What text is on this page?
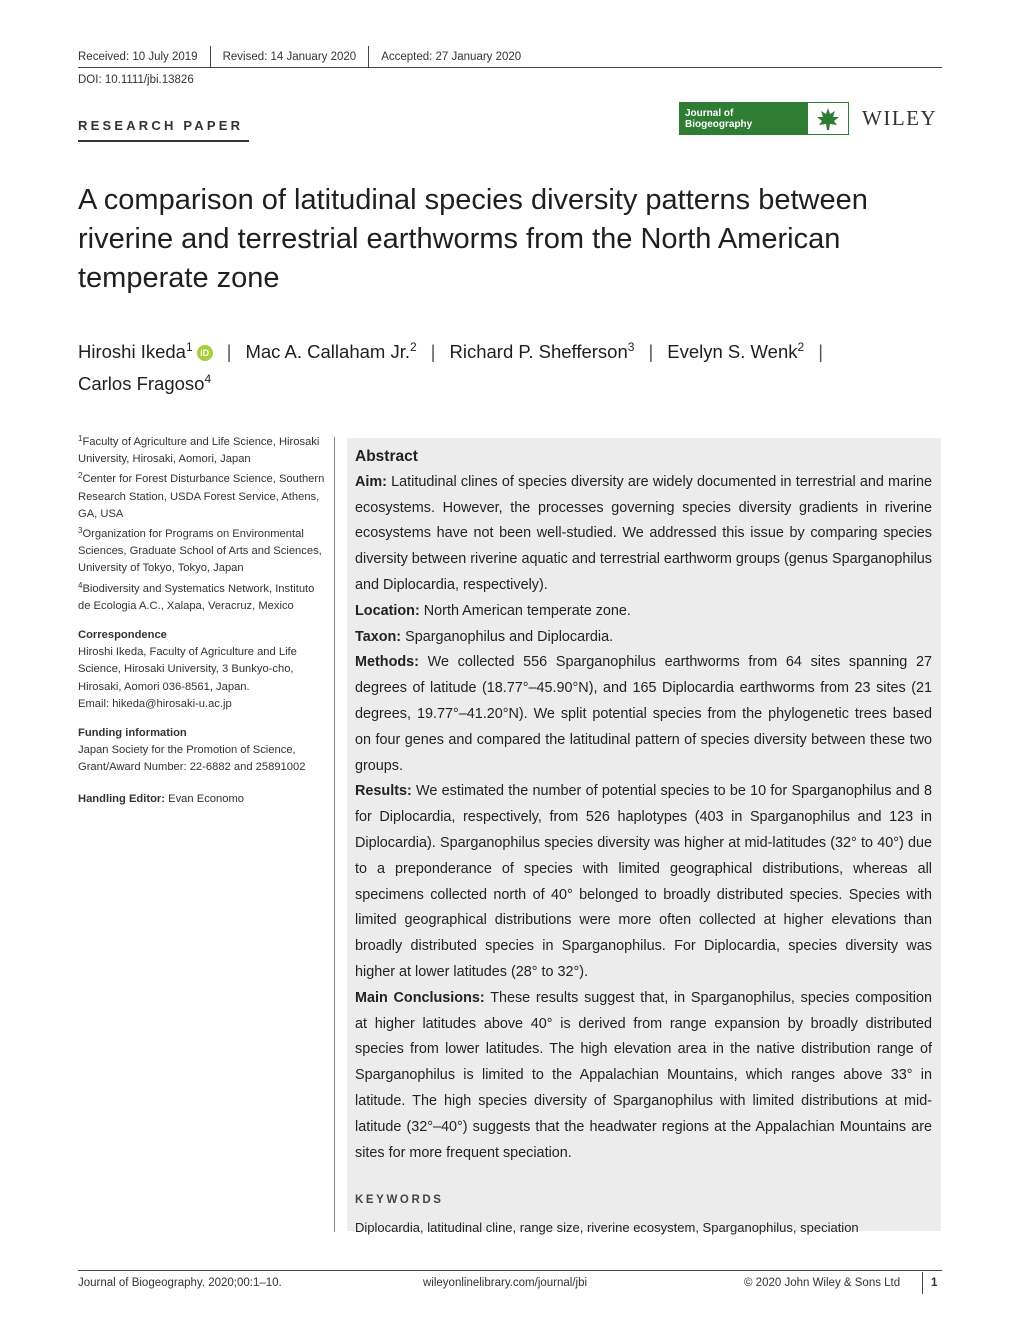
Received: 10 July 2019	Revised: 14 January 2020	Accepted: 27 January 2020
DOI: 10.1111/jbi.13826
RESEARCH PAPER
Journal of
Biogeography	WILEY
A comparison of latitudinal species diversity patterns between riverine and terrestrial earthworms from the North American temperate zone
Hiroshi Ikeda$^1$ iD | Mac A. Callaham Jr.$^2$ | Richard P. Shefferson$^3$ | Evelyn S. Wenk$^2$ |
Carlos Fragoso$^4$

$^1$Faculty of Agriculture and Life Science, Hirosaki University, Hirosaki, Aomori, Japan

$^2$Center for Forest Disturbance Science, Southern Research Station, USDA Forest Service, Athens, GA, USA

$^3$Organization for Programs on Environmental Sciences, Graduate School of Arts and Sciences, University of Tokyo, Tokyo, Japan

$^4$Biodiversity and Systematics Network, Instituto de Ecologia A.C., Xalapa, Veracruz, Mexico

Correspondence
Hiroshi Ikeda, Faculty of Agriculture and Life Science, Hirosaki University, 3 Bunkyo-cho, Hirosaki, Aomori 036-8561, Japan.
Email: hikeda@hirosaki-u.ac.jp

Funding information
Japan Society for the Promotion of Science, Grant/Award Number: 22-6882 and 25891002

Handling Editor: Evan Economo

Abstract

Aim: Latitudinal clines of species diversity are widely documented in terrestrial and marine ecosystems. However, the processes governing species diversity gradients in riverine ecosystems have not been well-studied. We addressed this issue by comparing species diversity between riverine aquatic and terrestrial earthworm groups (genus Sparganophilus and Diplocardia, respectively).

Location: North American temperate zone.

Taxon: Sparganophilus and Diplocardia.

Methods: We collected 556 Sparganophilus earthworms from 64 sites spanning 27 degrees of latitude (18.77°–45.90°N), and 165 Diplocardia earthworms from 23 sites (21 degrees, 19.77°–41.20°N). We split potential species from the phylogenetic trees based on four genes and compared the latitudinal pattern of species diversity between these two groups.

Results: We estimated the number of potential species to be 10 for Sparganophilus and 8 for Diplocardia, respectively, from 526 haplotypes (403 in Sparganophilus and 123 in Diplocardia). Sparganophilus species diversity was higher at mid-latitudes (32° to 40°) due to a preponderance of species with limited geographical distributions, whereas all specimens collected north of 40° belonged to broadly distributed species. Species with limited geographical distributions were more often collected at higher elevations than broadly distributed species in Sparganophilus. For Diplocardia, species diversity was higher at lower latitudes (28° to 32°).

Main Conclusions: These results suggest that, in Sparganophilus, species composition at higher latitudes above 40° is derived from range expansion by broadly distributed species from lower latitudes. The high elevation area in the native distribution range of Sparganophilus is limited to the Appalachian Mountains, which ranges above 33° in latitude. The high species diversity of Sparganophilus with limited distributions at mid-latitude (32°–40°) suggests that the headwater regions at the Appalachian Mountains are sites for more frequent speciation.

KEYWORDS
Diplocardia, latitudinal cline, range size, riverine ecosystem, Sparganophilus, speciation
Journal of Biogeography. 2020;00:1–10.	wileyonlinelibrary.com/journal/jbi	© 2020 John Wiley & Sons Ltd	1
